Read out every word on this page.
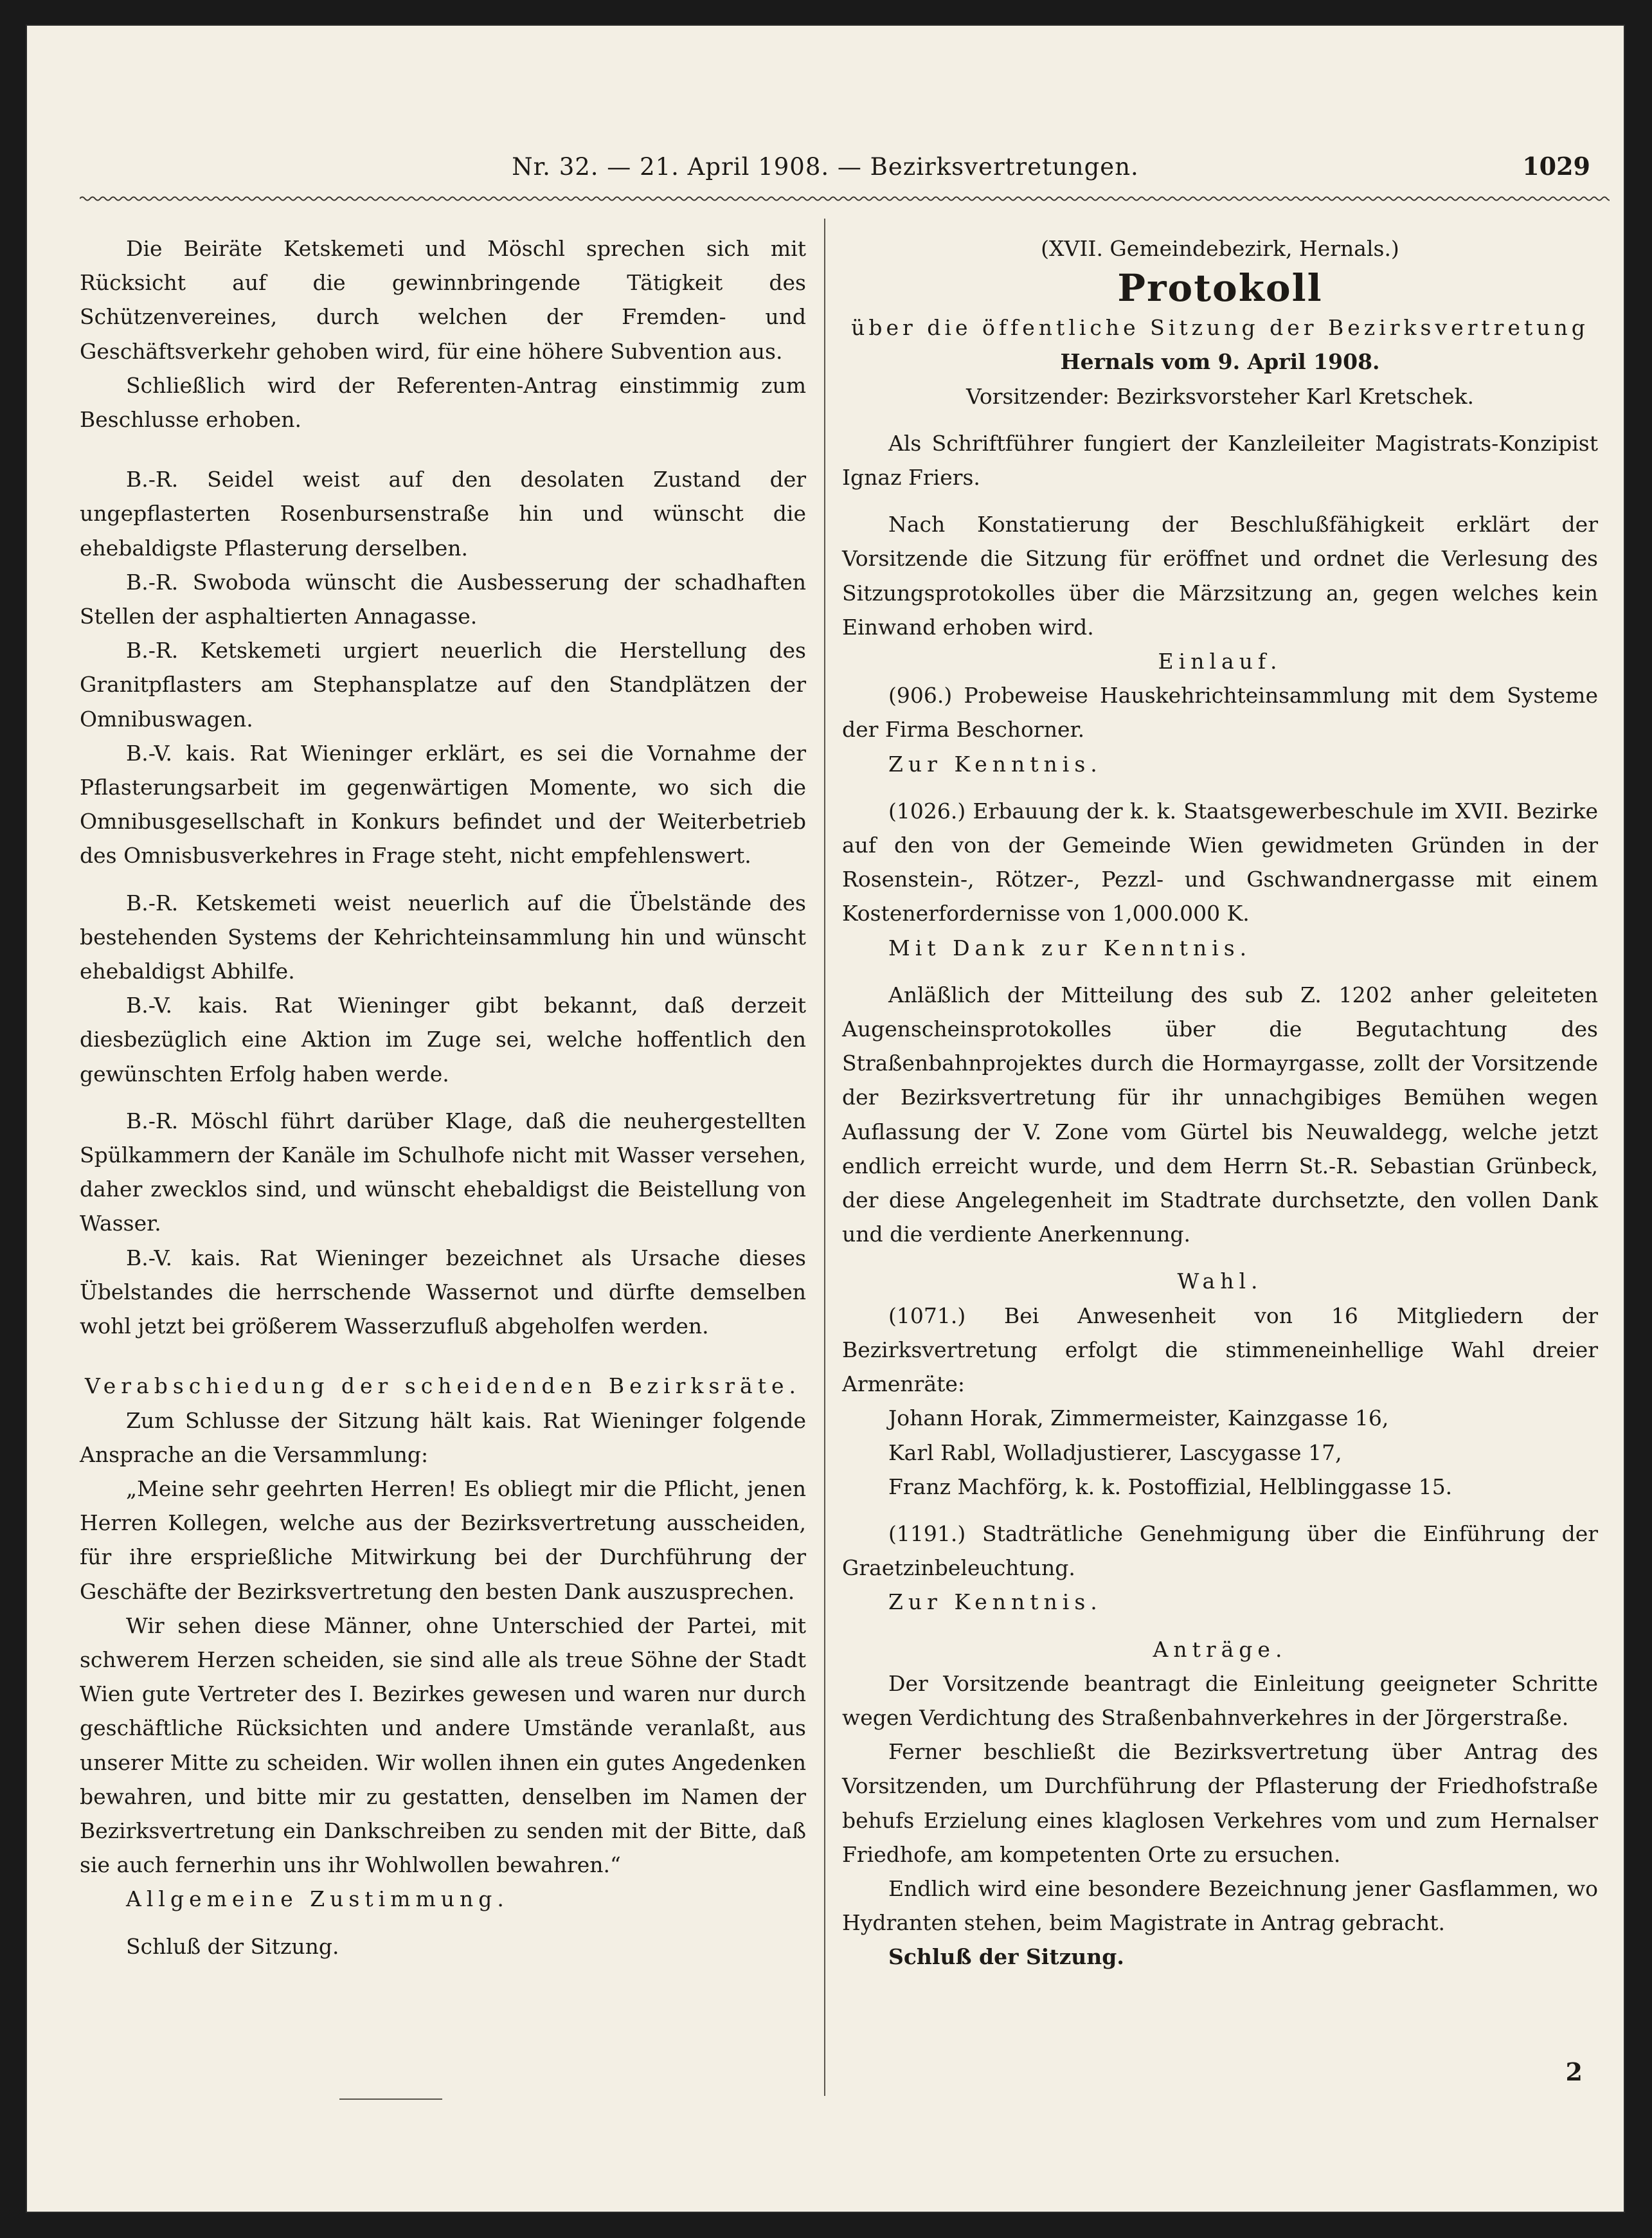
Nr. 32. — 21. April 1908. — Bezirksvertretungen.	1029

Die Beiräte Ketskemeti und Möschl sprechen sich mit Rücksicht auf die gewinnbringende Tätigkeit des Schützenvereines, durch welchen der Fremden- und Geschäftsverkehr gehoben wird, für eine höhere Subvention aus.

Schließlich wird der Referenten-Antrag einstimmig zum Beschlusse erhoben.

B.-R. Seidel weist auf den desolaten Zustand der ungepflasterten Rosenbursenstraße hin und wünscht die ehebaldigste Pflasterung derselben.

B.-R. Swoboda wünscht die Ausbesserung der schadhaften Stellen der asphaltierten Annagasse.

B.-R. Ketskemeti urgiert neuerlich die Herstellung des Granitpflasters am Stephansplatze auf den Standplätzen der Omnibuswagen.

B.-V. kais. Rat Wieninger erklärt, es sei die Vornahme der Pflasterungsarbeit im gegenwärtigen Momente, wo sich die Omnibusgesellschaft in Konkurs befindet und der Weiterbetrieb des Omnisbusverkehres in Frage steht, nicht empfehlenswert.

B.-R. Ketskemeti weist neuerlich auf die Übelstände des bestehenden Systems der Kehrichteinsammlung hin und wünscht ehebaldigst Abhilfe.

B.-V. kais. Rat Wieninger gibt bekannt, daß derzeit diesbezüglich eine Aktion im Zuge sei, welche hoffentlich den gewünschten Erfolg haben werde.

B.-R. Möschl führt darüber Klage, daß die neuhergestellten Spülkammern der Kanäle im Schulhofe nicht mit Wasser versehen, daher zwecklos sind, und wünscht ehebaldigst die Beistellung von Wasser.

B.-V. kais. Rat Wieninger bezeichnet als Ursache dieses Übelstandes die herrschende Wassernot und dürfte demselben wohl jetzt bei größerem Wasserzufluß abgeholfen werden.

Verabschiedung der scheidenden Bezirksräte.

Zum Schlusse der Sitzung hält kais. Rat Wieninger folgende Ansprache an die Versammlung:

„Meine sehr geehrten Herren! Es obliegt mir die Pflicht, jenen Herren Kollegen, welche aus der Bezirksvertretung ausscheiden, für ihre ersprießliche Mitwirkung bei der Durchführung der Geschäfte der Bezirksvertretung den besten Dank auszusprechen.

Wir sehen diese Männer, ohne Unterschied der Partei, mit schwerem Herzen scheiden, sie sind alle als treue Söhne der Stadt Wien gute Vertreter des I. Bezirkes gewesen und waren nur durch geschäftliche Rücksichten und andere Umstände veranlaßt, aus unserer Mitte zu scheiden. Wir wollen ihnen ein gutes Angedenken bewahren, und bitte mir zu gestatten, denselben im Namen der Bezirksvertretung ein Dankschreiben zu senden mit der Bitte, daß sie auch fernerhin uns ihr Wohlwollen bewahren.“

Allgemeine Zustimmung.

Schluß der Sitzung.

(XVII. Gemeindebezirk, Hernals.)

Protokoll

über die öffentliche Sitzung der Bezirksvertretung

Hernals vom 9. April 1908.

Vorsitzender: Bezirksvorsteher Karl Kretschek.

Als Schriftführer fungiert der Kanzleileiter Magistrats-Konzipist Ignaz Friers.

Nach Konstatierung der Beschlußfähigkeit erklärt der Vorsitzende die Sitzung für eröffnet und ordnet die Verlesung des Sitzungsprotokolles über die Märzsitzung an, gegen welches kein Einwand erhoben wird.

Einlauf.

(906.) Probeweise Hauskehrichteinsammlung mit dem Systeme der Firma Beschorner.

Zur Kenntnis.

(1026.) Erbauung der k. k. Staatsgewerbeschule im XVII. Bezirke auf den von der Gemeinde Wien gewidmeten Gründen in der Rosenstein-, Rötzer-, Pezzl- und Gschwandnergasse mit einem Kostenerfordernisse von 1,000.000 K.

Mit Dank zur Kenntnis.

Anläßlich der Mitteilung des sub Z. 1202 anher geleiteten Augenscheinsprotokolles über die Begutachtung des Straßenbahnprojektes durch die Hormayrgasse, zollt der Vorsitzende der Bezirksvertretung für ihr unnachgibiges Bemühen wegen Auflassung der V. Zone vom Gürtel bis Neuwaldegg, welche jetzt endlich erreicht wurde, und dem Herrn St.-R. Sebastian Grünbeck, der diese Angelegenheit im Stadtrate durchsetzte, den vollen Dank und die verdiente Anerkennung.

Wahl.

(1071.) Bei Anwesenheit von 16 Mitgliedern der Bezirksvertretung erfolgt die stimmeneinhellige Wahl dreier Armenräte:

Johann Horak, Zimmermeister, Kainzgasse 16,

Karl Rabl, Wolladjustierer, Lascygasse 17,

Franz Machförg, k. k. Postoffizial, Helblinggasse 15.

(1191.) Stadträtliche Genehmigung über die Einführung der Graetzinbeleuchtung.

Zur Kenntnis.

Anträge.

Der Vorsitzende beantragt die Einleitung geeigneter Schritte wegen Verdichtung des Straßenbahnverkehres in der Jörgerstraße.

Ferner beschließt die Bezirksvertretung über Antrag des Vorsitzenden, um Durchführung der Pflasterung der Friedhofstraße behufs Erzielung eines klaglosen Verkehres vom und zum Hernalser Friedhofe, am kompetenten Orte zu ersuchen.

Endlich wird eine besondere Bezeichnung jener Gasflammen, wo Hydranten stehen, beim Magistrate in Antrag gebracht.

Schluß der Sitzung.

2
